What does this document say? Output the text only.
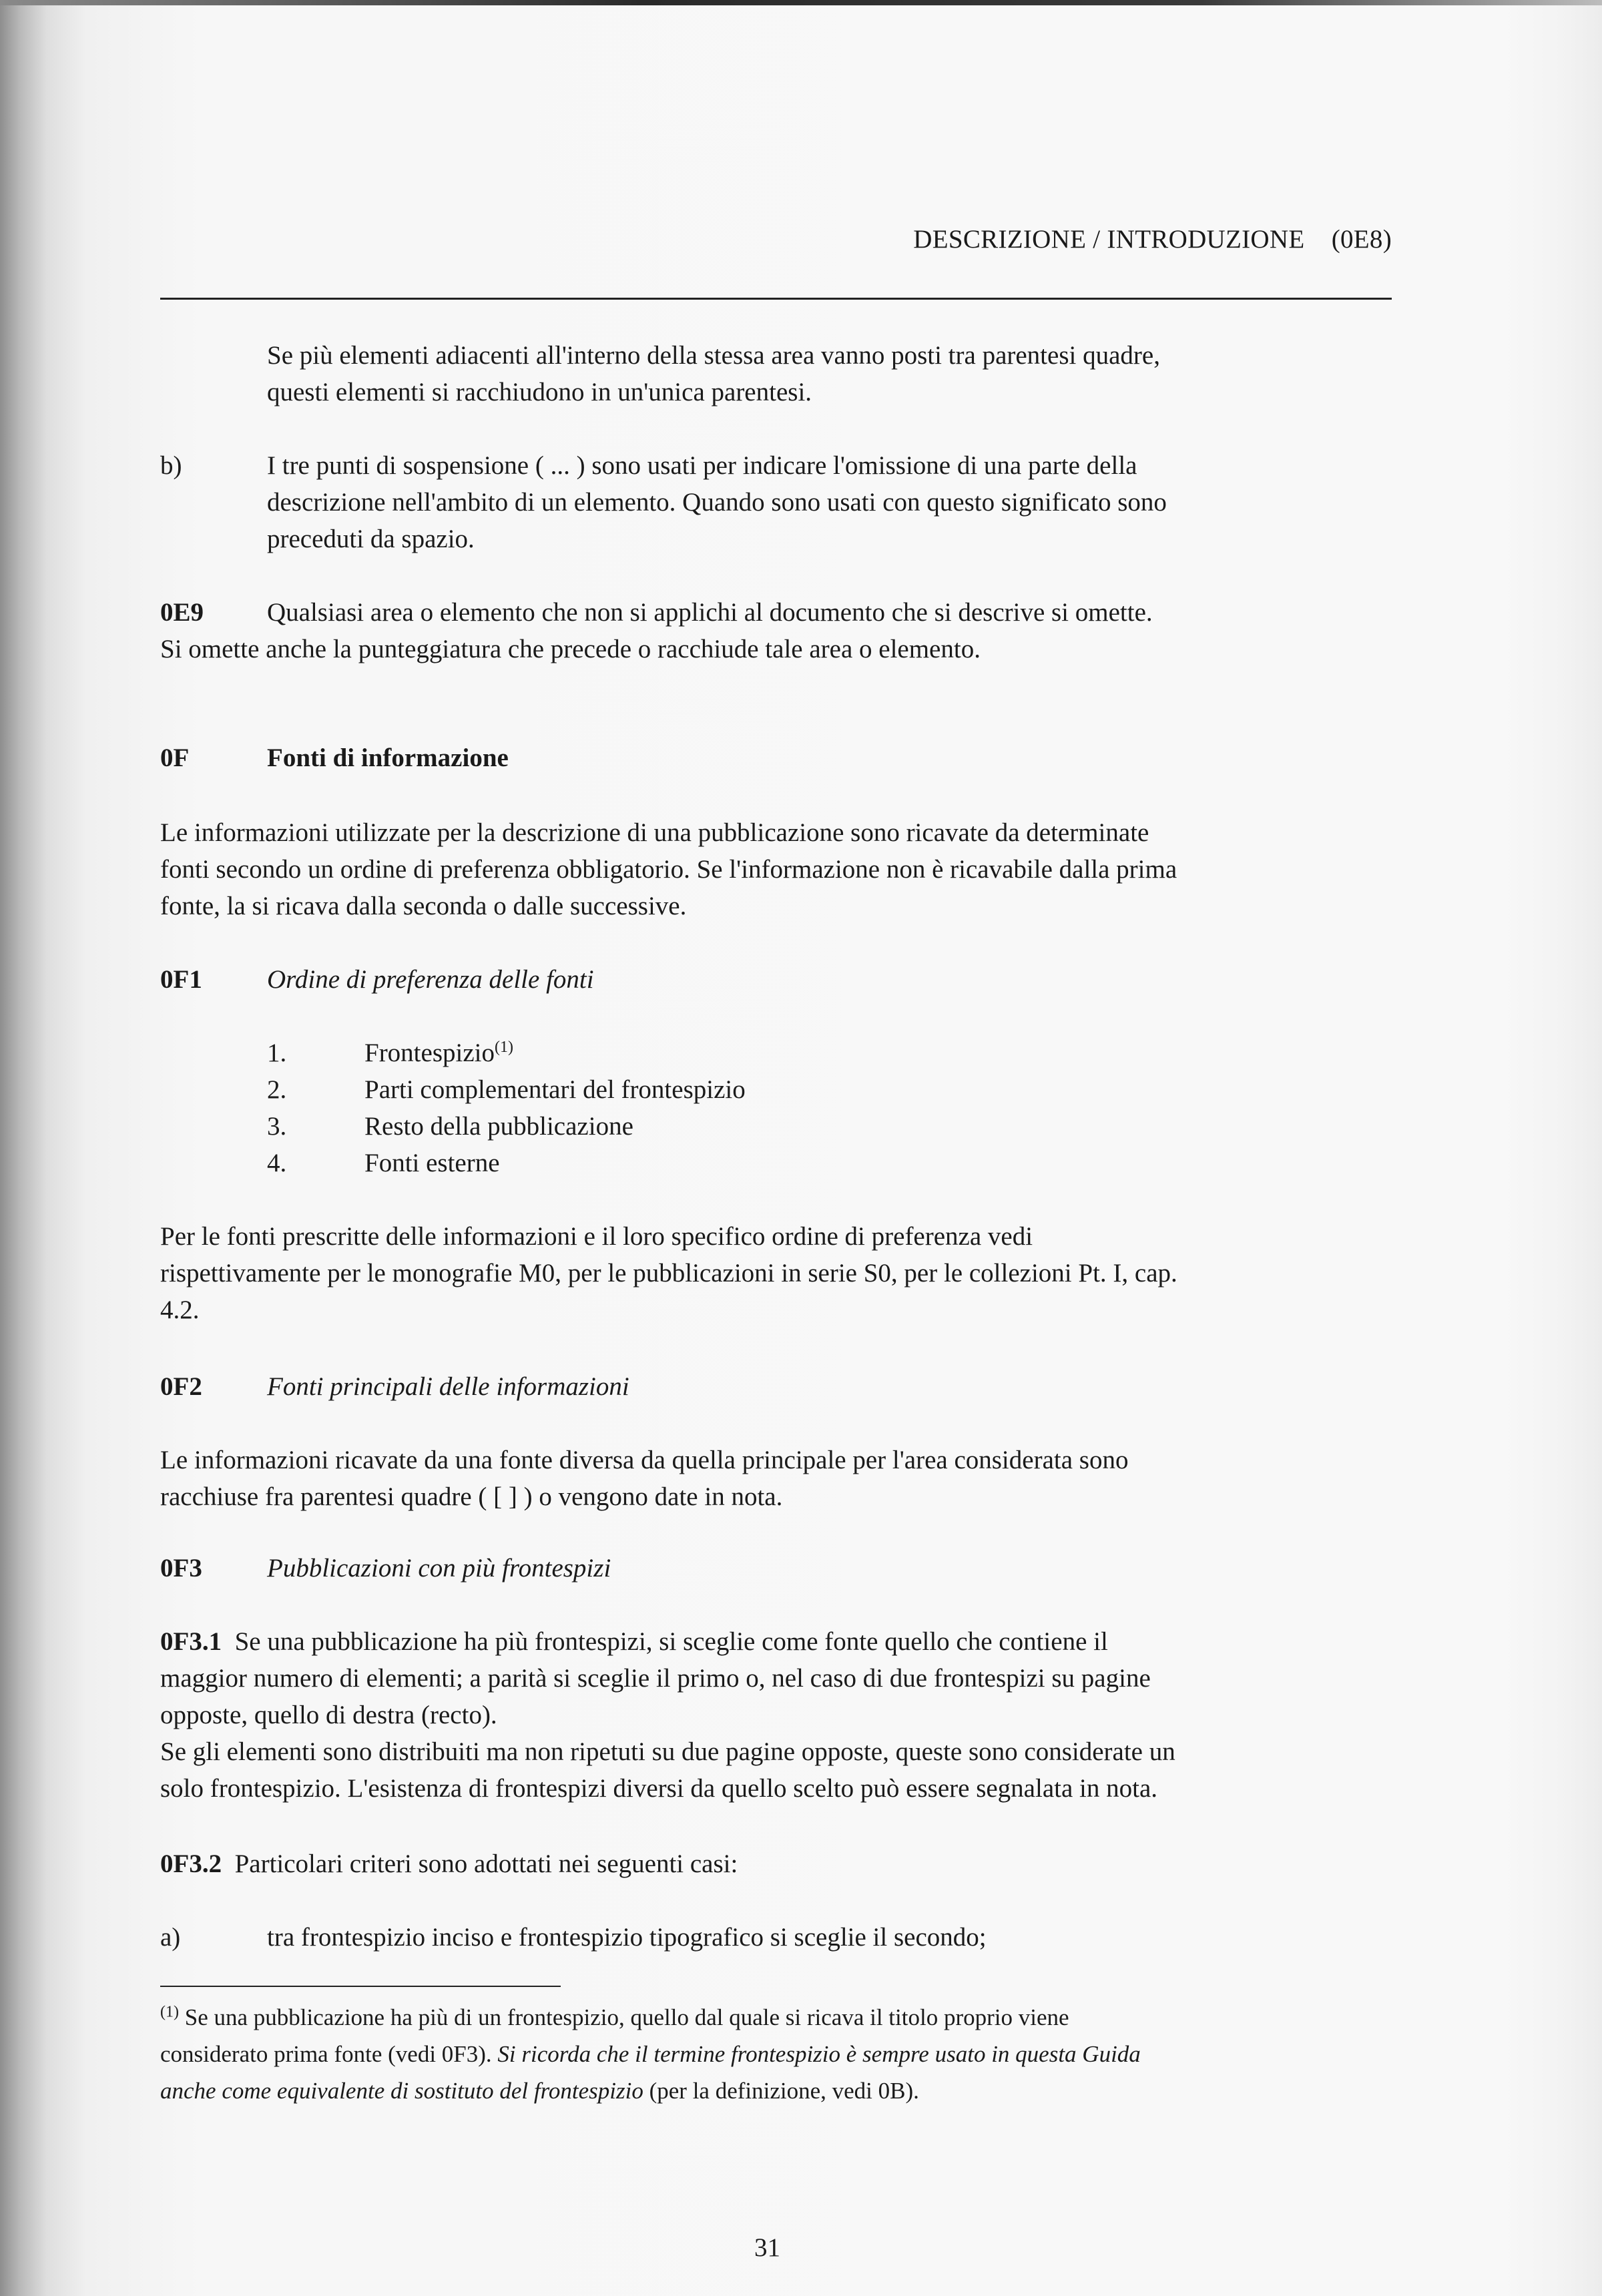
DESCRIZIONE / INTRODUZIONE (0E8)
Se più elementi adiacenti all'interno della stessa area vanno posti tra parentesi quadre,
questi elementi si racchiudono in un'unica parentesi.
b)	I tre punti di sospensione ( ... ) sono usati per indicare l'omissione di una parte della
descrizione nell'ambito di un elemento. Quando sono usati con questo significato sono
preceduti da spazio.
0E9 Qualsiasi area o elemento che non si applichi al documento che si descrive si omette.
Si omette anche la punteggiatura che precede o racchiude tale area o elemento.
0F	Fonti di informazione
Le informazioni utilizzate per la descrizione di una pubblicazione sono ricavate da determinate
fonti secondo un ordine di preferenza obbligatorio. Se l'informazione non è ricavabile dalla prima
fonte, la si ricava dalla seconda o dalle successive.
0F1 Ordine di preferenza delle fonti
1.	Frontespizio$^{(1)}$
2.	Parti complementari del frontespizio
3.	Resto della pubblicazione
4.	Fonti esterne
Per le fonti prescritte delle informazioni e il loro specifico ordine di preferenza vedi
rispettivamente per le monografie M0, per le pubblicazioni in serie S0, per le collezioni Pt. I, cap.
4.2.
0F2 Fonti principali delle informazioni
Le informazioni ricavate da una fonte diversa da quella principale per l'area considerata sono
racchiuse fra parentesi quadre ( [ ] ) o vengono date in nota.
0F3 Pubblicazioni con più frontespizi
0F3.1 Se una pubblicazione ha più frontespizi, si sceglie come fonte quello che contiene il
maggior numero di elementi; a parità si sceglie il primo o, nel caso di due frontespizi su pagine
opposte, quello di destra (recto).
Se gli elementi sono distribuiti ma non ripetuti su due pagine opposte, queste sono considerate un
solo frontespizio. L'esistenza di frontespizi diversi da quello scelto può essere segnalata in nota.
0F3.2 Particolari criteri sono adottati nei seguenti casi:
a)	tra frontespizio inciso e frontespizio tipografico si sceglie il secondo;
$^{(1)}$ Se una pubblicazione ha più di un frontespizio, quello dal quale si ricava il titolo proprio viene
considerato prima fonte (vedi 0F3). Si ricorda che il termine frontespizio è sempre usato in questa Guida
anche come equivalente di sostituto del frontespizio (per la definizione, vedi 0B).
31
